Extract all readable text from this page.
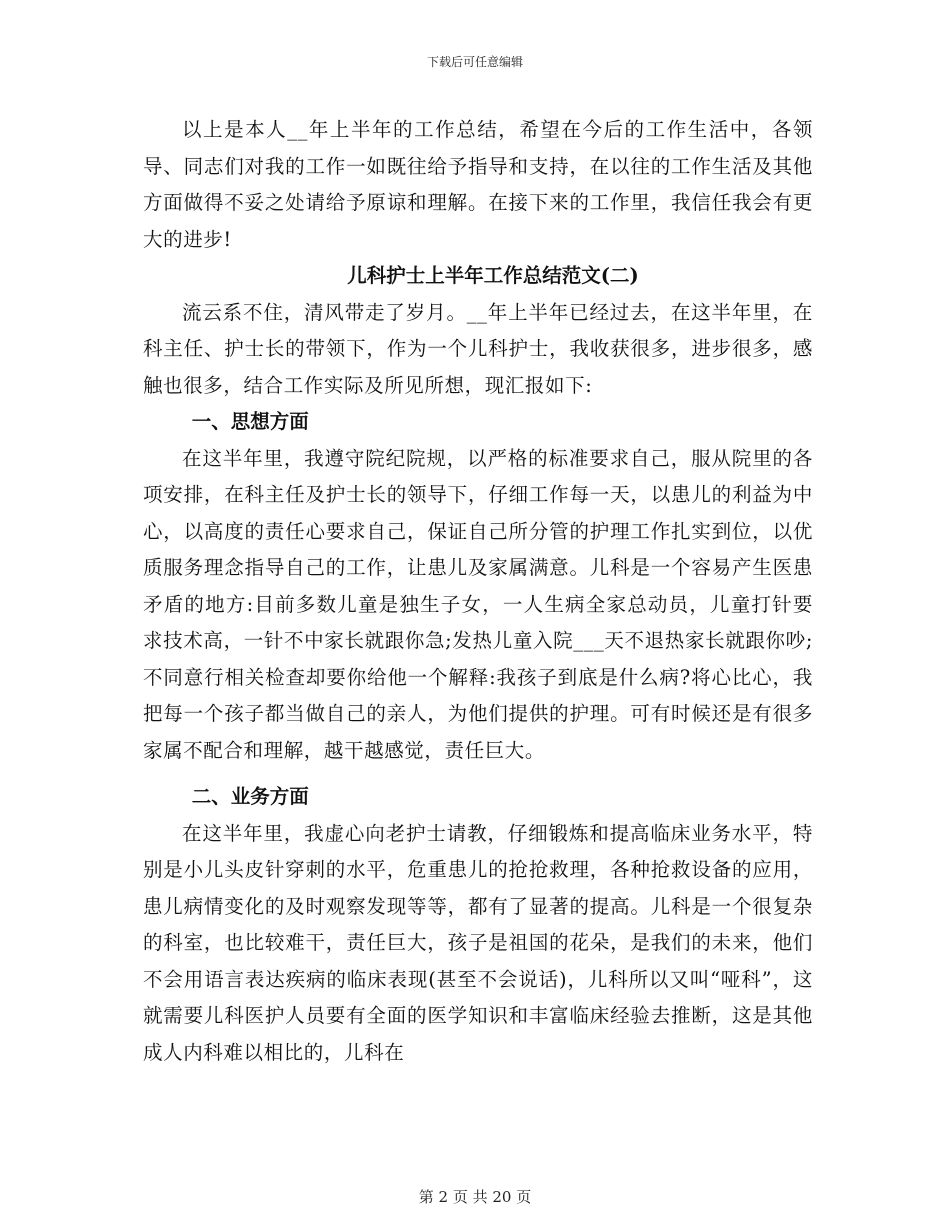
下载后可任意编辑

以上是本人__年上半年的工作总结，希望在今后的工作生活中，各领导、同志们对我的工作一如既往给予指导和支持，在以往的工作生活及其他方面做得不妥之处请给予原谅和理解。在接下来的工作里，我信任我会有更大的进步!

儿科护士上半年工作总结范文(二)

流云系不住，清风带走了岁月。__年上半年已经过去，在这半年里，在科主任、护士长的带领下，作为一个儿科护士，我收获很多，进步很多，感触也很多，结合工作实际及所见所想，现汇报如下:

一、思想方面

在这半年里，我遵守院纪院规，以严格的标准要求自己，服从院里的各项安排，在科主任及护士长的领导下，仔细工作每一天，以患儿的利益为中心，以高度的责任心要求自己，保证自己所分管的护理工作扎实到位，以优质服务理念指导自己的工作，让患儿及家属满意。儿科是一个容易产生医患矛盾的地方:目前多数儿童是独生子女，一人生病全家总动员，儿童打针要求技术高，一针不中家长就跟你急;发热儿童入院___天不退热家长就跟你吵;不同意行相关检查却要你给他一个解释:我孩子到底是什么病?将心比心，我把每一个孩子都当做自己的亲人，为他们提供的护理。可有时候还是有很多家属不配合和理解，越干越感觉，责任巨大。

二、业务方面

在这半年里，我虚心向老护士请教，仔细锻炼和提高临床业务水平，特别是小儿头皮针穿刺的水平，危重患儿的抢抢救理，各种抢救设备的应用，患儿病情变化的及时观察发现等等，都有了显著的提高。儿科是一个很复杂的科室，也比较难干，责任巨大，孩子是祖国的花朵，是我们的未来，他们不会用语言表达疾病的临床表现(甚至不会说话)，儿科所以又叫“哑科”，这就需要儿科医护人员要有全面的医学知识和丰富临床经验去推断，这是其他成人内科难以相比的，儿科在

第 2 页 共 20 页
